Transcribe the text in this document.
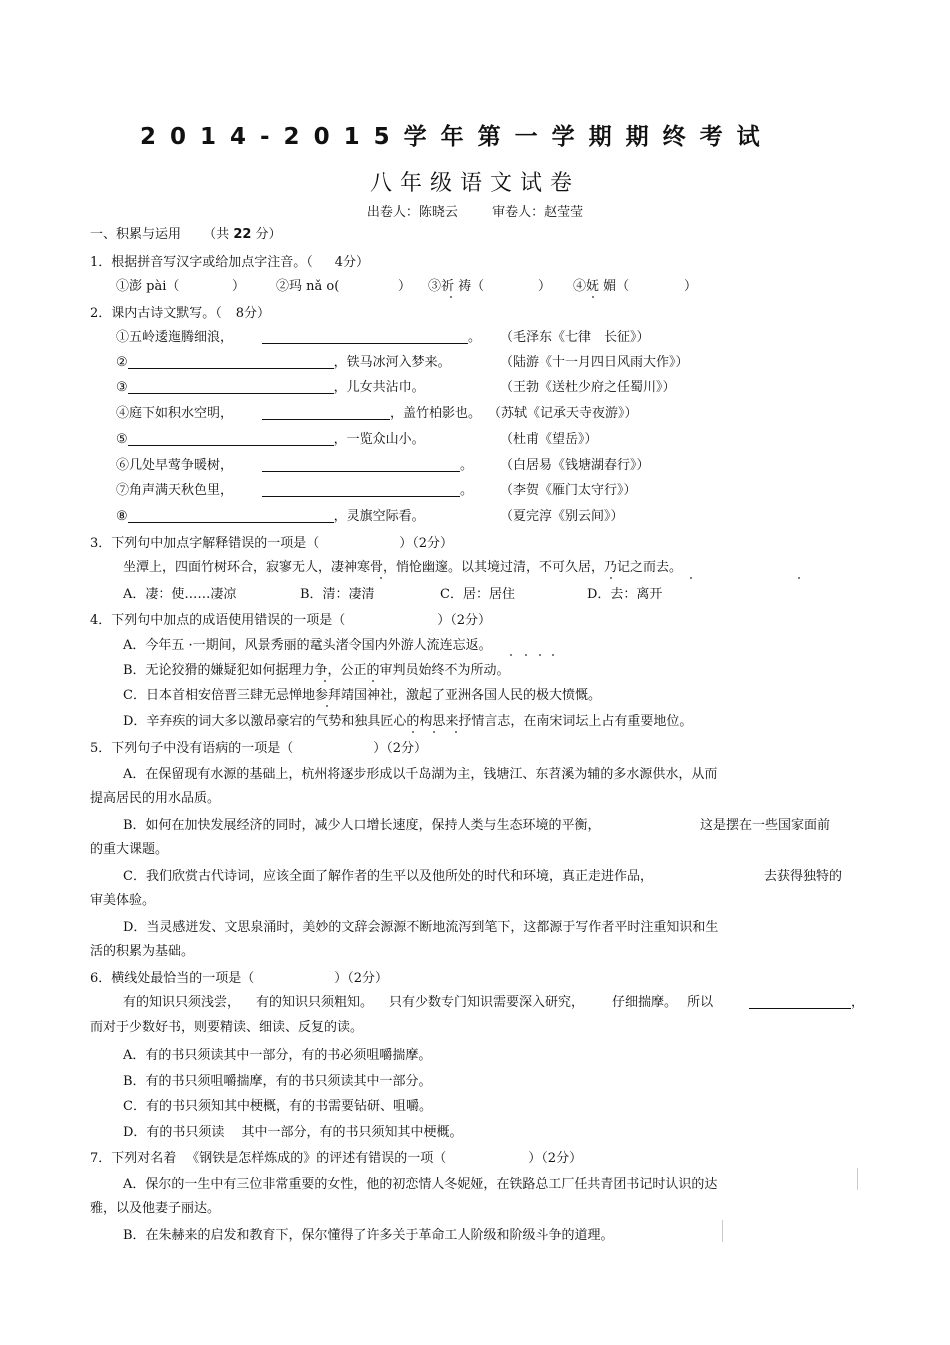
2014-2015学年第一学期期终考试
八年级语文试卷
出卷人：陈晓云	审卷人：赵莹莹
一、积累与运用 （共 22 分）
1．根据拼音写汉字或给加点字注音。（ 4分）
①澎 pài（	） ②玛 nǎ o(	） ③祈 祷（	） ④妩 媚（	）
2．课内古诗文默写。（ 8分）
①五岭逶迤腾细浪，	。 （毛泽东《七律　长征》）
②	，铁马冰河入梦来。	（陆游《十一月四日风雨大作》）
③	，儿女共沾巾。	（王勃《送杜少府之任蜀川》）
④庭下如积水空明，	，盖竹柏影也。 （苏轼《记承天寺夜游》）
⑤	，一览众山小。	（杜甫《望岳》）
⑥几处早莺争暖树，	。 （白居易《钱塘湖春行》）
⑦角声满天秋色里，	。 （李贺《雁门太守行》）
⑧	，灵旗空际看。	（夏完淳《别云间》）
3．下列句中加点字解释错误的一项是（	）（2分）
坐潭上，四面竹树环合，寂寥无人，凄神寒骨，悄怆幽邃。以其境过清，不可久居，乃记之而去。
A．凄：使……凄凉	B．清：凄清	C．居：居住	D．去：离开
4．下列句中加点的成语使用错误的一项是（	）（2分）
A．今年五 ·一期间，风景秀丽的鼋头渚令国内外游人流连忘返。
B．无论狡猾的嫌疑犯如何据理力争，公正的审判员始终不为所动。
C．日本首相安倍晋三肆无忌惮地参拜靖国神社，激起了亚洲各国人民的极大愤慨。
D．辛弃疾的词大多以激昂豪宕的气势和独具匠心的构思来抒情言志，在南宋词坛上占有重要地位。
5．下列句子中没有语病的一项是（	）（2分）
A．在保留现有水源的基础上，杭州将逐步形成以千岛湖为主，钱塘江、东苕溪为辅的多水源供水，从而
提高居民的用水品质。
B．如何在加快发展经济的同时，减少人口增长速度，保持人类与生态环境的平衡，	这是摆在一些国家面前
的重大课题。
C．我们欣赏古代诗词，应该全面了解作者的生平以及他所处的时代和环境，真正走进作品，	去获得独特的
审美体验。
D．当灵感迸发、文思泉涌时，美妙的文辞会源源不断地流泻到笔下，这都源于写作者平时注重知识和生
活的积累为基础。
6．横线处最恰当的一项是（	）（2分）
有的知识只须浅尝， 有的知识只须粗知。 只有少数专门知识需要深入研究， 仔细揣摩。 所以	，
而对于少数好书，则要精读、细读、反复的读。
A．有的书只须读其中一部分，有的书必须咀嚼揣摩。
B．有的书只须咀嚼揣摩，有的书只须读其中一部分。
C．有的书只须知其中梗概，有的书需要钻研、咀嚼。
D．有的书只须读　 其中一部分，有的书只须知其中梗概。
7．下列对名着 《钢铁是怎样炼成的》的评述有错误的一项（	）（2分）
A．保尔的一生中有三位非常重要的女性，他的初恋情人冬妮娅，在铁路总工厂任共青团书记时认识的达
雅，以及他妻子丽达。
B．在朱赫来的启发和教育下，保尔懂得了许多关于革命工人阶级和阶级斗争的道理。
